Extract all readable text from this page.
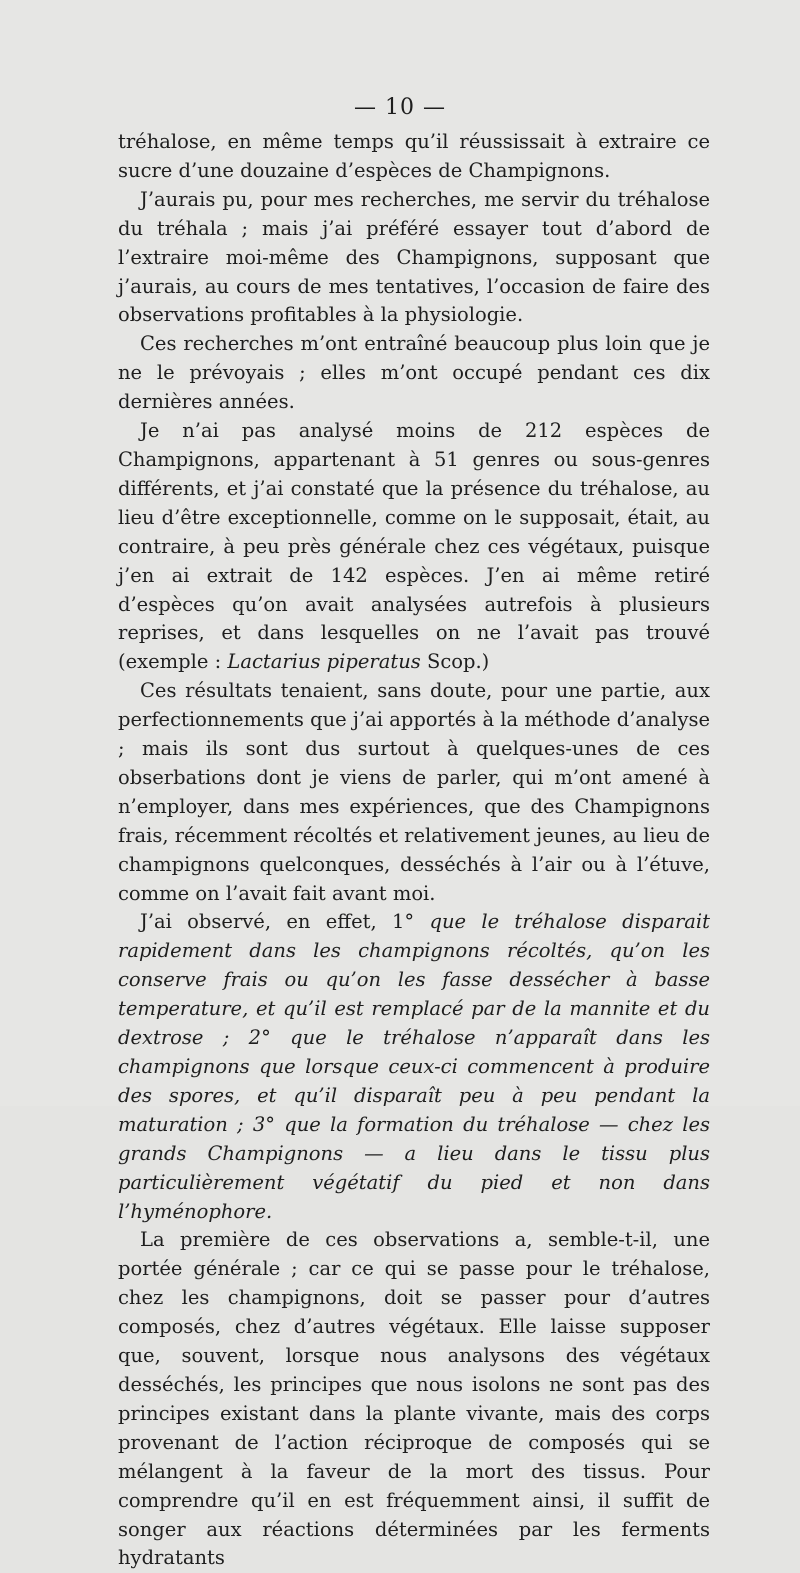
— 10 —

tréhalose, en même temps qu’il réussissait à extraire ce sucre d’une douzaine d’espèces de Champignons.

J’aurais pu, pour mes recherches, me servir du tréhalose du tréhala ; mais j’ai préféré essayer tout d’abord de l’extraire moi-même des Champignons, supposant que j’aurais, au cours de mes tentatives, l’occasion de faire des observations profitables à la physiologie.

Ces recherches m’ont entraîné beaucoup plus loin que je ne le prévoyais ; elles m’ont occupé pendant ces dix dernières années.

Je n’ai pas analysé moins de 212 espèces de Champignons, appartenant à 51 genres ou sous-genres différents, et j’ai constaté que la présence du tréhalose, au lieu d’être exceptionnelle, comme on le supposait, était, au contraire, à peu près générale chez ces végétaux, puisque j’en ai extrait de 142 espèces. J’en ai même retiré d’espèces qu’on avait analysées autrefois à plusieurs reprises, et dans lesquelles on ne l’avait pas trouvé (exemple : Lactarius piperatus Scop.)

Ces résultats tenaient, sans doute, pour une partie, aux perfectionnements que j’ai apportés à la méthode d’analyse ; mais ils sont dus surtout à quelques-unes de ces obserbations dont je viens de parler, qui m’ont amené à n’employer, dans mes expériences, que des Champignons frais, récemment récoltés et relativement jeunes, au lieu de champignons quelconques, desséchés à l’air ou à l’étuve, comme on l’avait fait avant moi.

J’ai observé, en effet, 1° que le tréhalose disparait rapidement dans les champignons récoltés, qu’on les conserve frais ou qu’on les fasse dessécher à basse temperature, et qu’il est remplacé par de la mannite et du dextrose ; 2° que le tréhalose n’apparaît dans les champignons que lorsque ceux-ci commencent à produire des spores, et qu’il disparaît peu à peu pendant la maturation ; 3° que la formation du tréhalose — chez les grands Champignons — a lieu dans le tissu plus particulièrement végétatif du pied et non dans l’hyménophore.

La première de ces observations a, semble-t-il, une portée générale ; car ce qui se passe pour le tréhalose, chez les champignons, doit se passer pour d’autres composés, chez d’autres végétaux. Elle laisse supposer que, souvent, lorsque nous analysons des végétaux desséchés, les principes que nous isolons ne sont pas des principes existant dans la plante vivante, mais des corps provenant de l’action réciproque de composés qui se mélangent à la faveur de la mort des tissus. Pour comprendre qu’il en est fréquemment ainsi, il suffit de songer aux réactions déterminées par les ferments hydratants
